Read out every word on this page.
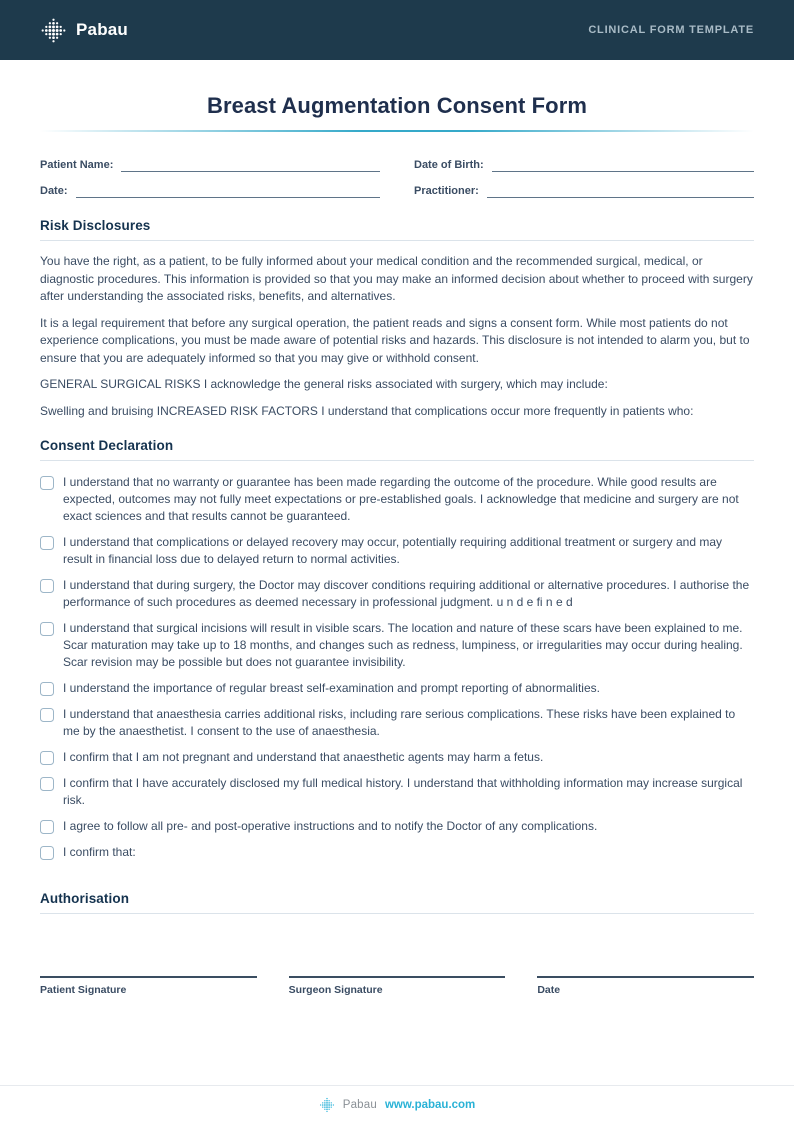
Pabau	CLINICAL FORM TEMPLATE
Breast Augmentation Consent Form
Patient Name:	Date of Birth:
Date:	Practitioner:
Risk Disclosures

You have the right, as a patient, to be fully informed about your medical condition and the recommended surgical, medical, or diagnostic procedures. This information is provided so that you may make an informed decision about whether to proceed with surgery after understanding the associated risks, benefits, and alternatives.

It is a legal requirement that before any surgical operation, the patient reads and signs a consent form. While most patients do not experience complications, you must be made aware of potential risks and hazards. This disclosure is not intended to alarm you, but to ensure that you are adequately informed so that you may give or withhold consent.

GENERAL SURGICAL RISKS I acknowledge the general risks associated with surgery, which may include:

Swelling and bruising INCREASED RISK FACTORS I understand that complications occur more frequently in patients who:

Consent Declaration
I understand that no warranty or guarantee has been made regarding the outcome of the procedure. While good results are expected, outcomes may not fully meet expectations or pre-established goals. I acknowledge that medicine and surgery are not exact sciences and that results cannot be guaranteed.
I understand that complications or delayed recovery may occur, potentially requiring additional treatment or surgery and may result in financial loss due to delayed return to normal activities.
I understand that during surgery, the Doctor may discover conditions requiring additional or alternative procedures. I authorise the performance of such procedures as deemed necessary in professional judgment. u n d e fi n e d
I understand that surgical incisions will result in visible scars. The location and nature of these scars have been explained to me. Scar maturation may take up to 18 months, and changes such as redness, lumpiness, or irregularities may occur during healing. Scar revision may be possible but does not guarantee invisibility.
I understand the importance of regular breast self-examination and prompt reporting of abnormalities.
I understand that anaesthesia carries additional risks, including rare serious complications. These risks have been explained to me by the anaesthetist. I consent to the use of anaesthesia.
I confirm that I am not pregnant and understand that anaesthetic agents may harm a fetus.
I confirm that I have accurately disclosed my full medical history. I understand that withholding information may increase surgical risk.
I agree to follow all pre- and post-operative instructions and to notify the Doctor of any complications.
I confirm that:
Authorisation
Patient Signature	Surgeon Signature	Date
Pabau www.pabau.com
